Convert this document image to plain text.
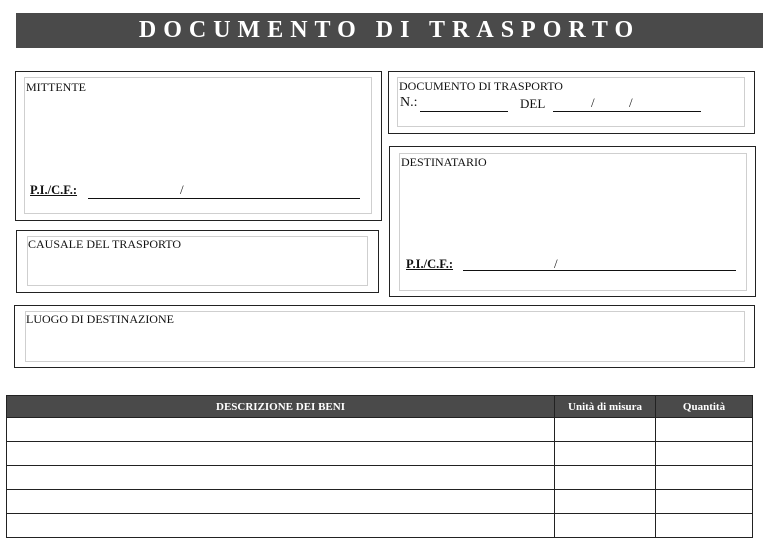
DOCUMENTO DI TRASPORTO
MITTENTE
P.I./C.F.:	/
DOCUMENTO DI TRASPORTO
N.:	DEL	/	/
DESTINATARIO
P.I./C.F.:	/
CAUSALE DEL TRASPORTO
LUOGO DI DESTINAZIONE
DESCRIZIONE DEI BENI	Unità di misura	Quantità
